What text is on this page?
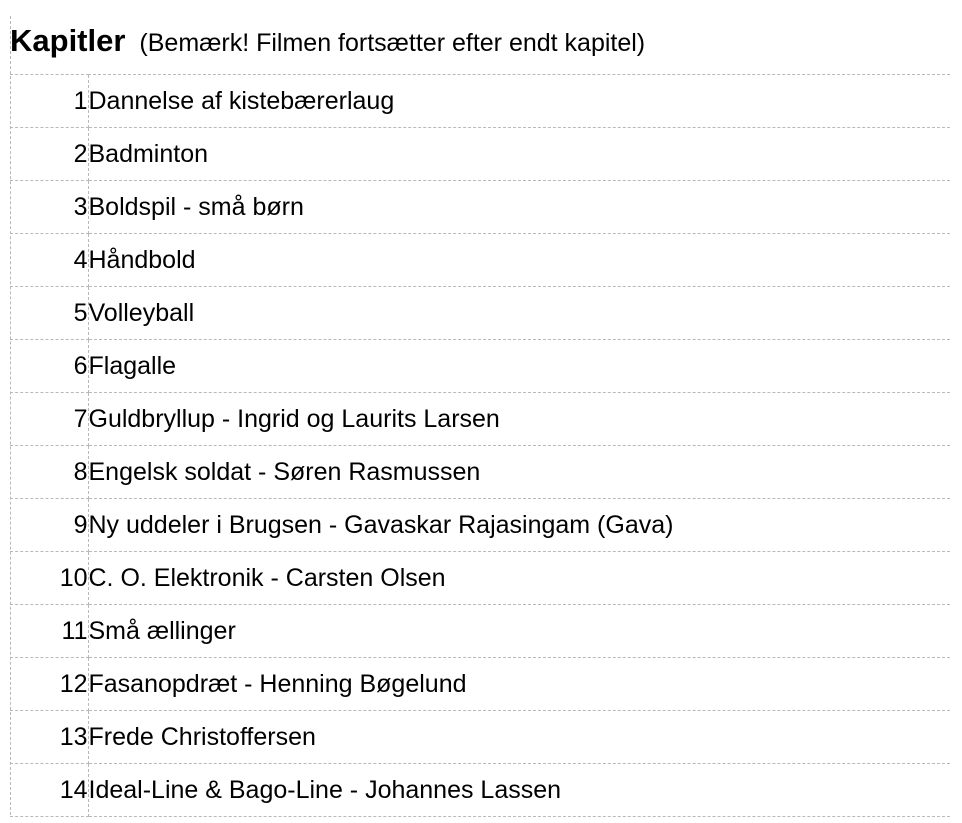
Kapitler (Bemærk! Filmen fortsætter efter endt kapitel)	
1	Dannelse af kistebærerlaug
2	Badminton
3	Boldspil - små børn
4	Håndbold
5	Volleyball
6	Flagalle
7	Guldbryllup - Ingrid og Laurits Larsen
8	Engelsk soldat - Søren Rasmussen
9	Ny uddeler i Brugsen - Gavaskar Rajasingam (Gava)
10	C. O. Elektronik - Carsten Olsen
11	Små ællinger
12	Fasanopdræt - Henning Bøgelund
13	Frede Christoffersen
14	Ideal-Line & Bago-Line - Johannes Lassen
